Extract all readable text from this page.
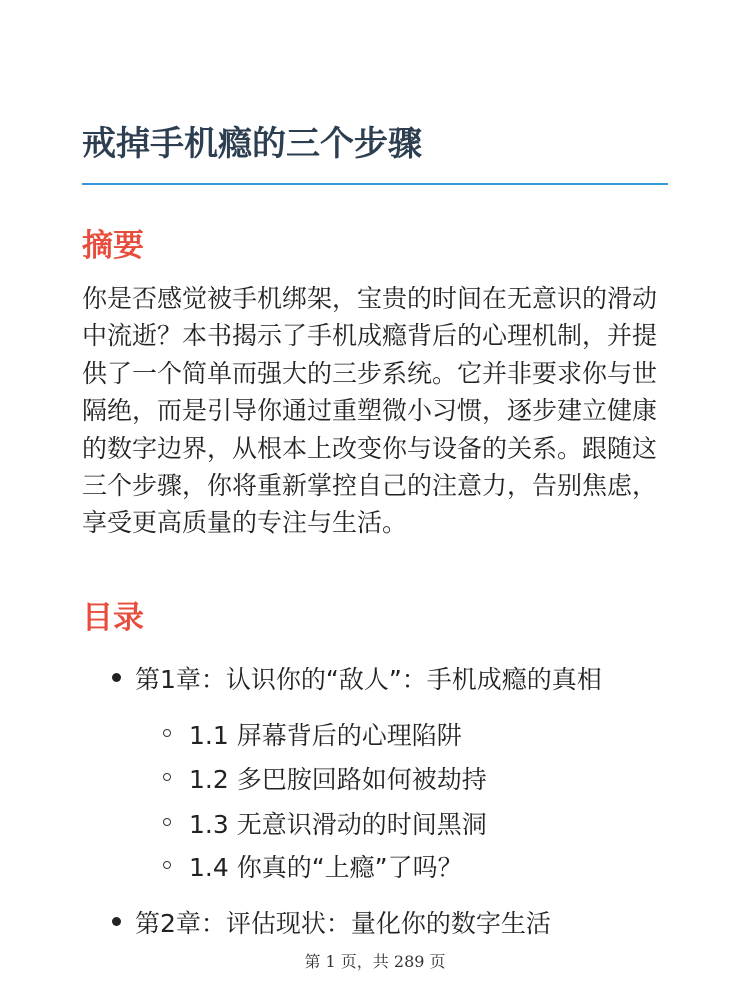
戒掉手机瘾的三个步骤
摘要

你是否感觉被手机绑架，宝贵的时间在无意识的滑动中流逝？本书揭示了手机成瘾背后的心理机制，并提供了一个简单而强大的三步系统。它并非要求你与世隔绝，而是引导你通过重塑微小习惯，逐步建立健康的数字边界，从根本上改变你与设备的关系。跟随这三个步骤，你将重新掌控自己的注意力，告别焦虑，享受更高质量的专注与生活。

目录
第1章：认识你的“敌人”：手机成瘾的真相
1.1 屏幕背后的心理陷阱
1.2 多巴胺回路如何被劫持
1.3 无意识滑动的时间黑洞
1.4 你真的“上瘾”了吗？
第2章：评估现状：量化你的数字生活
第 1 页，共 289 页
